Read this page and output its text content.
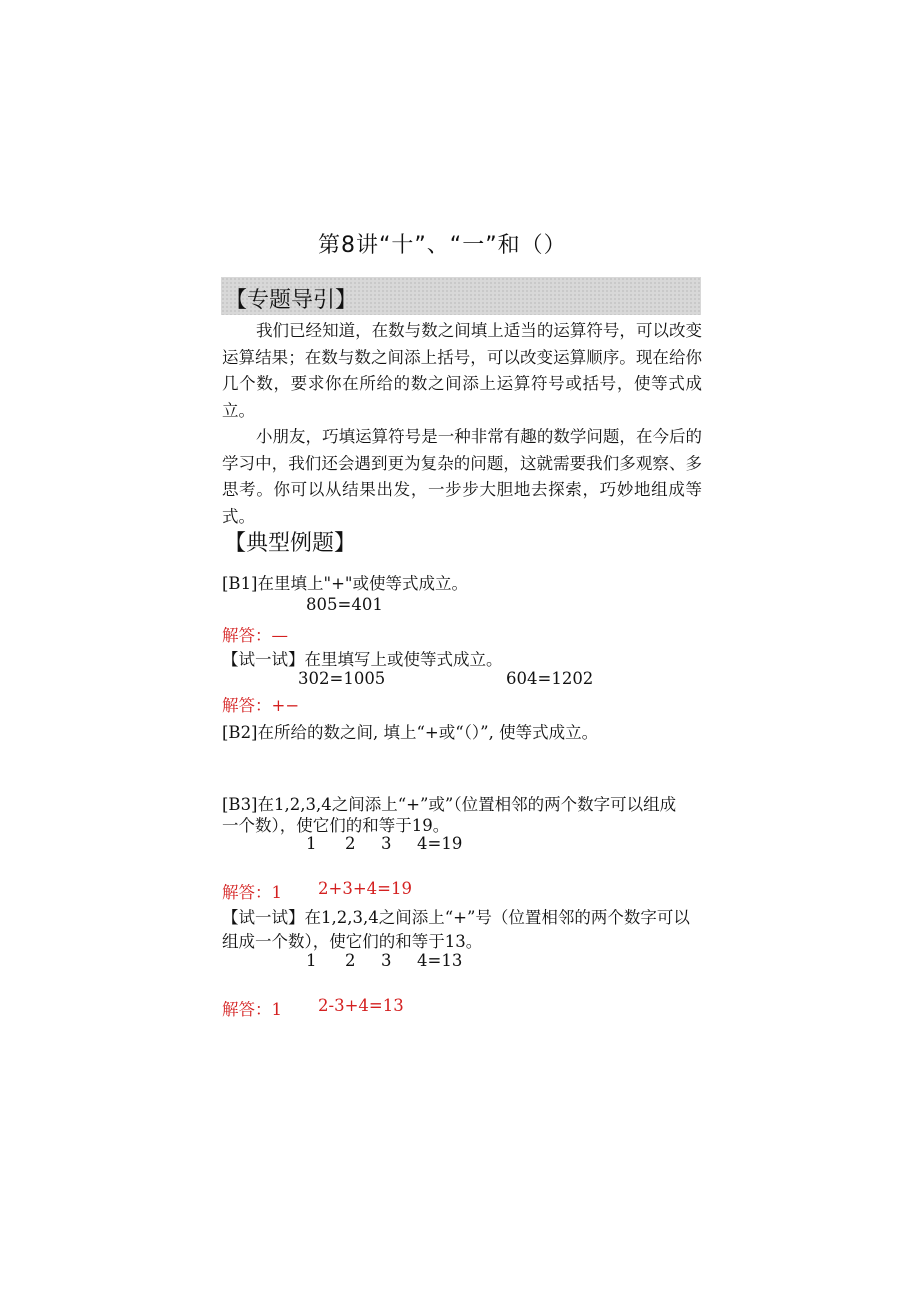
第8讲“十”、“一”和（）
【专题导引】
我们已经知道，在数与数之间填上适当的运算符号，可以改变运算结果；在数与数之间添上括号，可以改变运算顺序。现在给你几个数，要求你在所给的数之间添上运算符号或括号，使等式成立。
小朋友，巧填运算符号是一种非常有趣的数学问题，在今后的学习中，我们还会遇到更为复杂的问题，这就需要我们多观察、多思考。你可以从结果出发，一步步大胆地去探索，巧妙地组成等式。
【典型例题】
[B1]在里填上"+"或使等式成立。
805=401
解答：—
【试一试】在里填写上或使等式成立。
302=1005	604=1202
解答：+−
[B2]在所给的数之间, 填上“+或“（）”, 使等式成立。
[B3]在1,2,3,4之间添上“+”或”（位置相邻的两个数字可以组成
一个数），使它们的和等于19。
1 2 3 4=19
解答：1 2+3+4=19
【试一试】在1,2,3,4之间添上“+”号（位置相邻的两个数字可以
组成一个数），使它们的和等于13。
1 2 3 4=13
解答：1 2-3+4=13
